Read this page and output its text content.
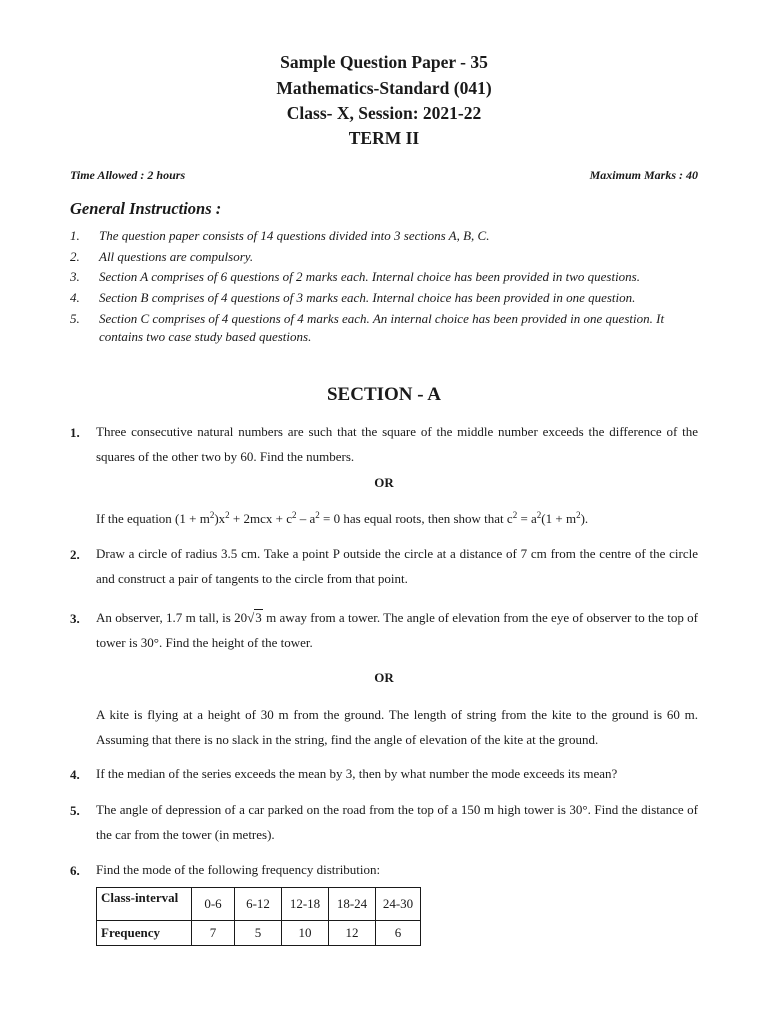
Sample Question Paper - 35
Mathematics-Standard (041)
Class- X, Session: 2021-22
TERM II
Time Allowed : 2 hours	Maximum Marks : 40
General Instructions :
1. The question paper consists of 14 questions divided into 3 sections A, B, C.
2. All questions are compulsory.
3. Section A comprises of 6 questions of 2 marks each. Internal choice has been provided in two questions.
4. Section B comprises of 4 questions of 3 marks each. Internal choice has been provided in one question.
5. Section C comprises of 4 questions of 4 marks each. An internal choice has been provided in one question. It contains two case study based questions.
SECTION - A
1. Three consecutive natural numbers are such that the square of the middle number exceeds the difference of the squares of the other two by 60. Find the numbers.
OR
If the equation $(1 + m^2)x^2 + 2mcx + c^2 - a^2 = 0$ has equal roots, then show that $c^2 = a^2(1 + m^2)$.
2. Draw a circle of radius 3.5 cm. Take a point P outside the circle at a distance of 7 cm from the centre of the circle and construct a pair of tangents to the circle from that point.
3. An observer, 1.7 m tall, is 20√3 m away from a tower. The angle of elevation from the eye of observer to the top of tower is 30°. Find the height of the tower.
OR
A kite is flying at a height of 30 m from the ground. The length of string from the kite to the ground is 60 m. Assuming that there is no slack in the string, find the angle of elevation of the kite at the ground.
4. If the median of the series exceeds the mean by 3, then by what number the mode exceeds its mean?
5. The angle of depression of a car parked on the road from the top of a 150 m high tower is 30°. Find the distance of the car from the tower (in metres).
6. Find the mode of the following frequency distribution:
Class-interval	0-6	6-12	12-18	18-24	24-30
Frequency	7	5	10	12	6
